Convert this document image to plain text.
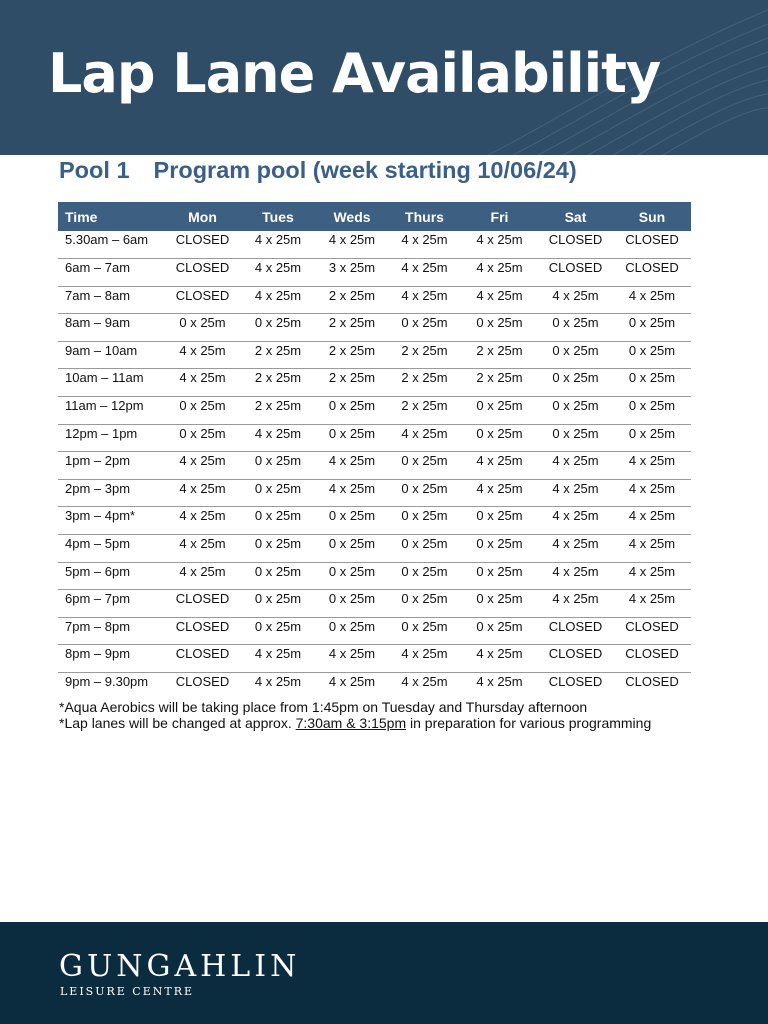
Lap Lane Availability
Pool 1 Program pool (week starting 10/06/24)
Time	Mon	Tues	Weds	Thurs	Fri	Sat	Sun
5.30am – 6am	CLOSED	4 x 25m	4 x 25m	4 x 25m	4 x 25m	CLOSED	CLOSED
6am – 7am	CLOSED	4 x 25m	3 x 25m	4 x 25m	4 x 25m	CLOSED	CLOSED
7am – 8am	CLOSED	4 x 25m	2 x 25m	4 x 25m	4 x 25m	4 x 25m	4 x 25m
8am – 9am	0 x 25m	0 x 25m	2 x 25m	0 x 25m	0 x 25m	0 x 25m	0 x 25m
9am – 10am	4 x 25m	2 x 25m	2 x 25m	2 x 25m	2 x 25m	0 x 25m	0 x 25m
10am – 11am	4 x 25m	2 x 25m	2 x 25m	2 x 25m	2 x 25m	0 x 25m	0 x 25m
11am – 12pm	0 x 25m	2 x 25m	0 x 25m	2 x 25m	0 x 25m	0 x 25m	0 x 25m
12pm – 1pm	0 x 25m	4 x 25m	0 x 25m	4 x 25m	0 x 25m	0 x 25m	0 x 25m
1pm – 2pm	4 x 25m	0 x 25m	4 x 25m	0 x 25m	4 x 25m	4 x 25m	4 x 25m
2pm – 3pm	4 x 25m	0 x 25m	4 x 25m	0 x 25m	4 x 25m	4 x 25m	4 x 25m
3pm – 4pm*	4 x 25m	0 x 25m	0 x 25m	0 x 25m	0 x 25m	4 x 25m	4 x 25m
4pm – 5pm	4 x 25m	0 x 25m	0 x 25m	0 x 25m	0 x 25m	4 x 25m	4 x 25m
5pm – 6pm	4 x 25m	0 x 25m	0 x 25m	0 x 25m	0 x 25m	4 x 25m	4 x 25m
6pm – 7pm	CLOSED	0 x 25m	0 x 25m	0 x 25m	0 x 25m	4 x 25m	4 x 25m
7pm – 8pm	CLOSED	0 x 25m	0 x 25m	0 x 25m	0 x 25m	CLOSED	CLOSED
8pm – 9pm	CLOSED	4 x 25m	4 x 25m	4 x 25m	4 x 25m	CLOSED	CLOSED
9pm – 9.30pm	CLOSED	4 x 25m	4 x 25m	4 x 25m	4 x 25m	CLOSED	CLOSED
*Aqua Aerobics will be taking place from 1:45pm on Tuesday and Thursday afternoon
*Lap lanes will be changed at approx. 7:30am & 3:15pm in preparation for various programming
GUNGAHLIN
LEISURE CENTRE
